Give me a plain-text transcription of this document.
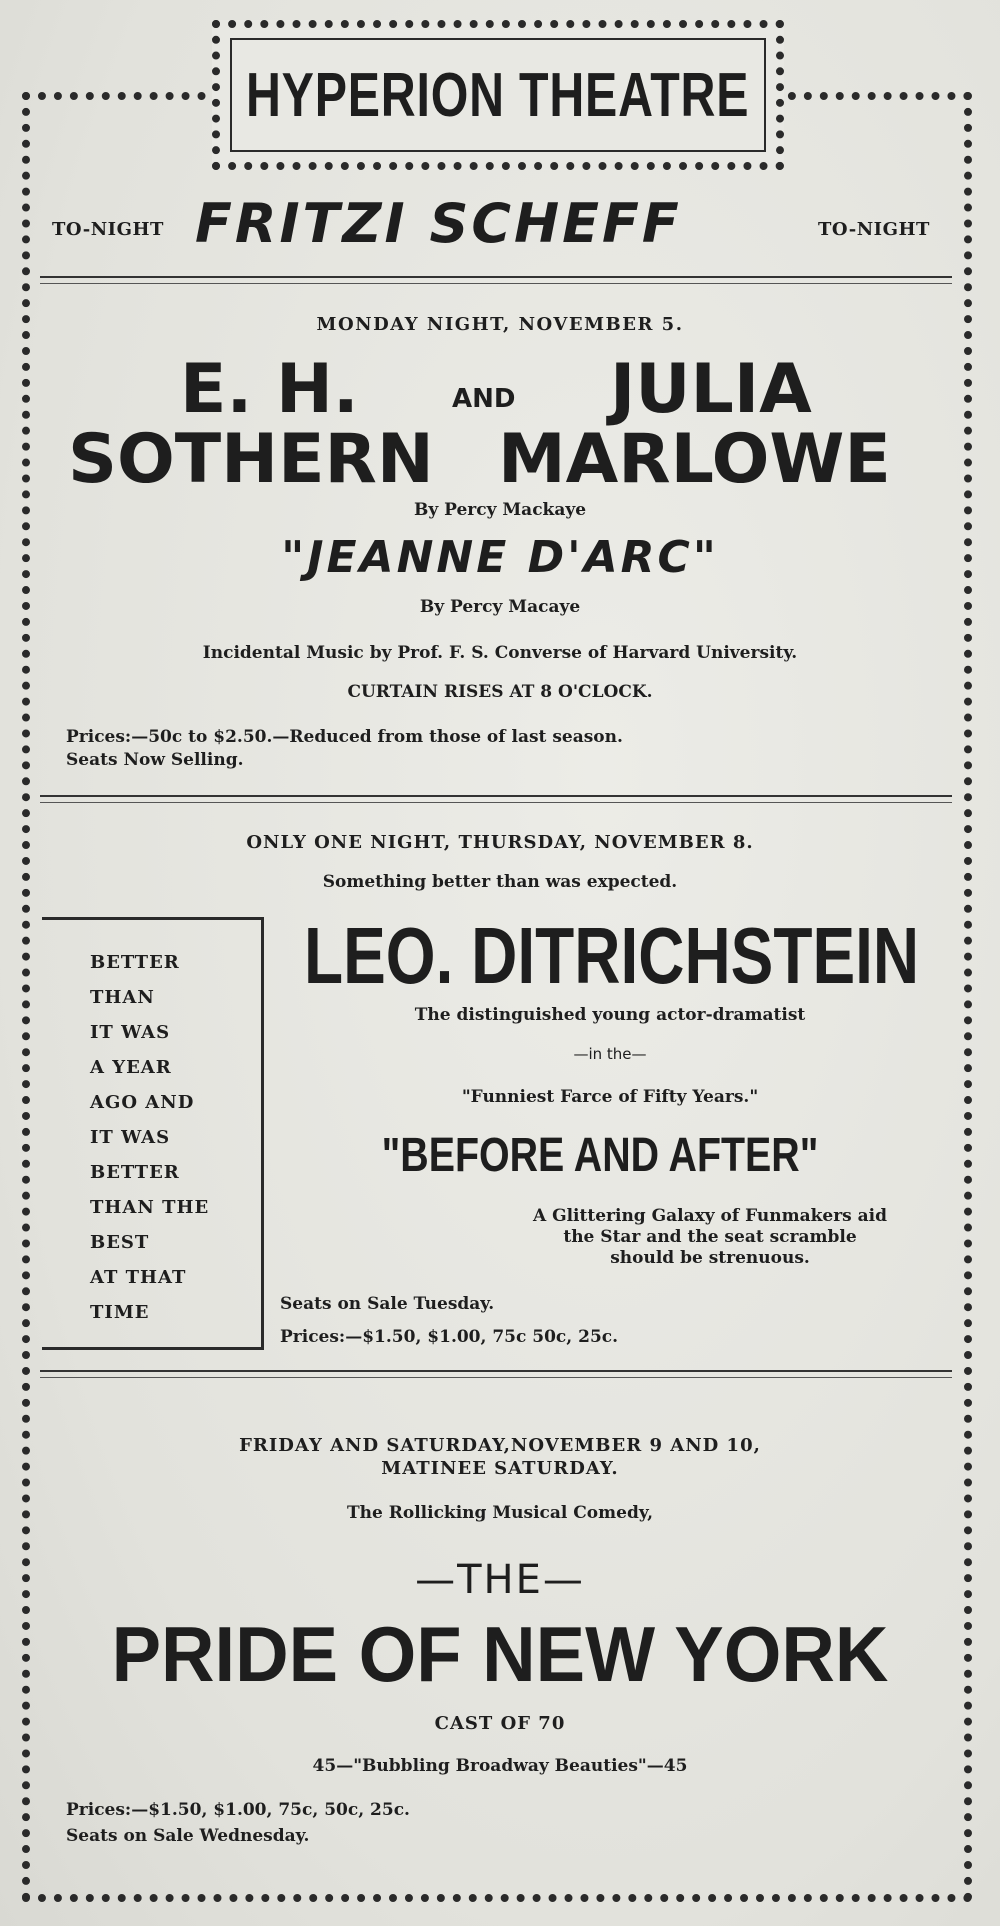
HYPERION THEATRE
TO-NIGHT FRITZI SCHEFF	TO-NIGHT
MONDAY NIGHT, NOVEMBER 5.
E. H.	AND JULIA
SOTHERN MARLOWE
By Percy Mackaye
"JEANNE D'ARC"
By Percy Macaye
Incidental Music by Prof. F. S. Converse of Harvard University.
CURTAIN RISES AT 8 O'CLOCK.
Prices:—50c to $2.50.—Reduced from those of last season.
Seats Now Selling.
ONLY ONE NIGHT, THURSDAY, NOVEMBER 8.
Something better than was expected.
BETTER
THAN
IT WAS
A YEAR
AGO AND
IT WAS
BETTER
THAN THE
BEST
AT THAT
TIME
LEO. DITRICHSTEIN
The distinguished young actor-dramatist
—in the—
"Funniest Farce of Fifty Years."
"BEFORE AND AFTER"
A Glittering Galaxy of Funmakers aid
the Star and the seat scramble
should be strenuous.
Seats on Sale Tuesday.
Prices:—$1.50, $1.00, 75c 50c, 25c.
FRIDAY AND SATURDAY,NOVEMBER 9 AND 10,
MATINEE SATURDAY.
The Rollicking Musical Comedy,
—THE—
PRIDE OF NEW YORK
CAST OF 70
45—"Bubbling Broadway Beauties"—45
Prices:—$1.50, $1.00, 75c, 50c, 25c.
Seats on Sale Wednesday.
